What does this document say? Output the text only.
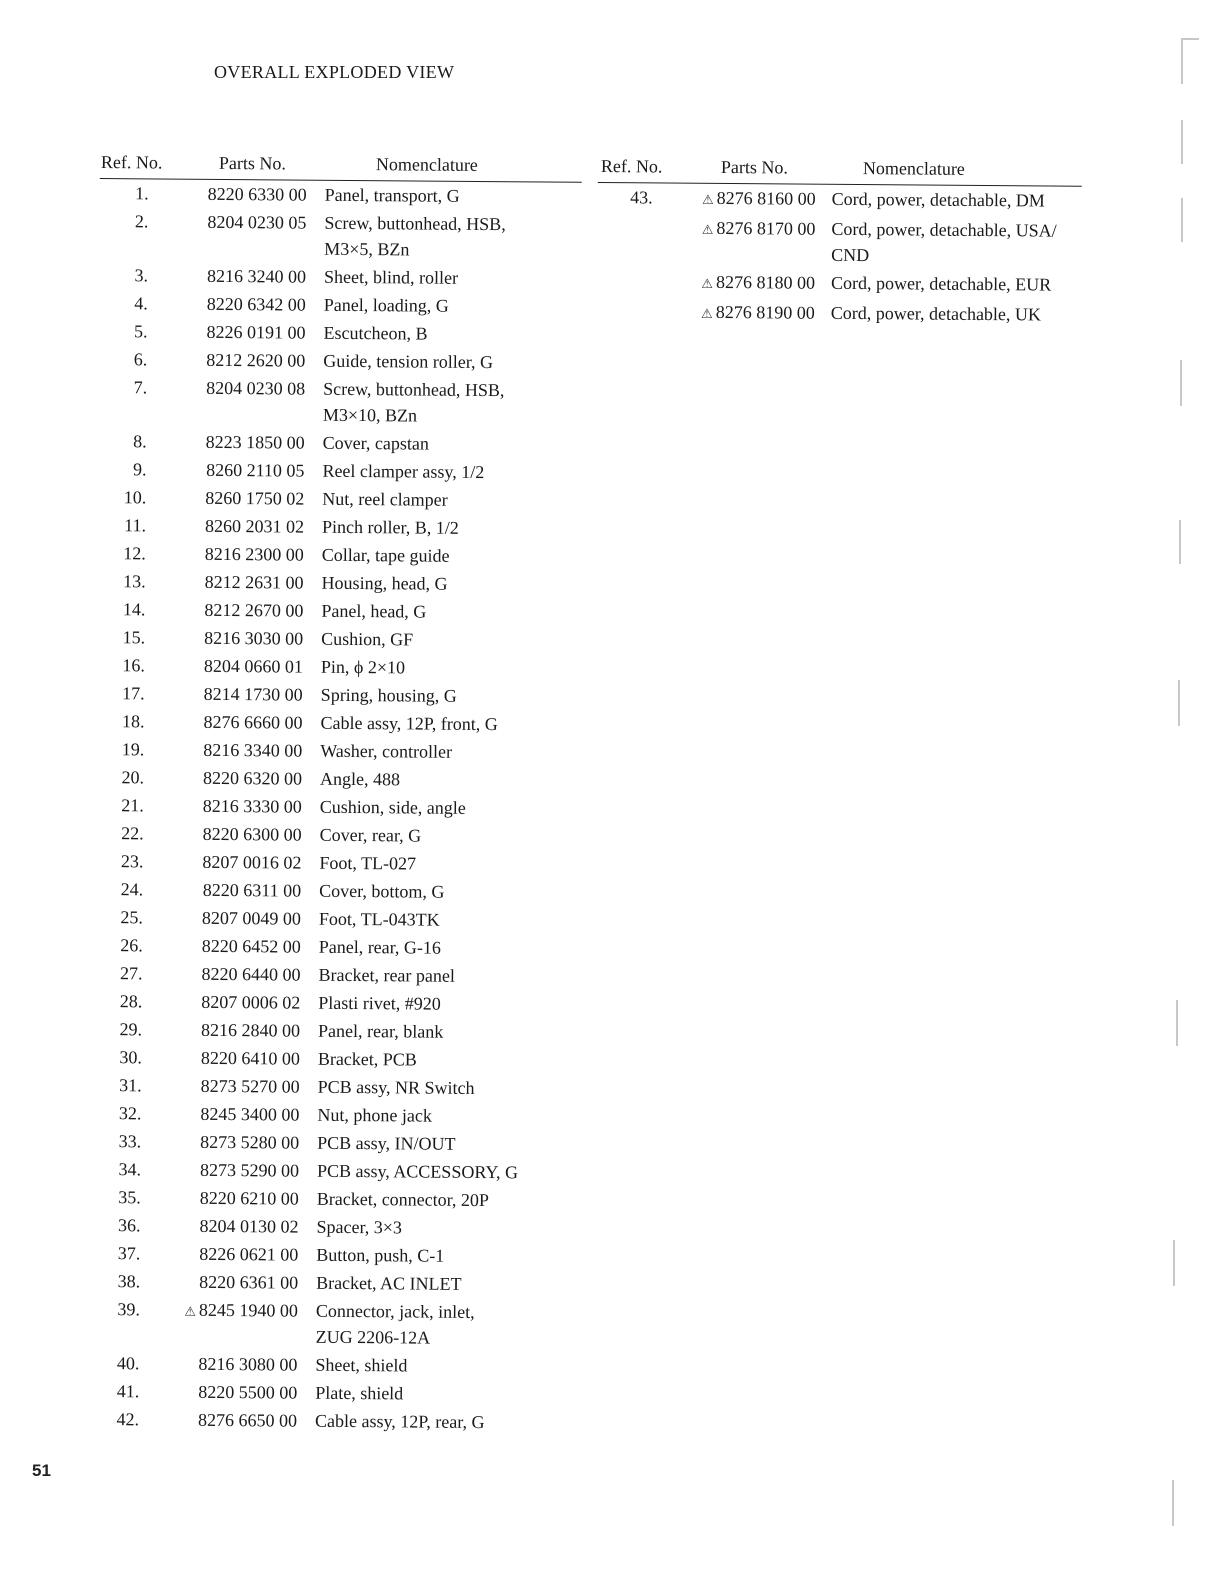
OVERALL EXPLODED VIEW
Ref. No.	Parts No.	Nomenclature
1.	8220 6330 00 Panel, transport, G
2.	8204 0230 05 Screw, buttonhead, HSB,
M3×5, BZn
3.	8216 3240 00 Sheet, blind, roller
4.	8220 6342 00 Panel, loading, G
5.	8226 0191 00 Escutcheon, B
6.	8212 2620 00 Guide, tension roller, G
7.	8204 0230 08 Screw, buttonhead, HSB,
M3×10, BZn
8.	8223 1850 00 Cover, capstan
9.	8260 2110 05 Reel clamper assy, 1/2
10.	8260 1750 02 Nut, reel clamper
11.	8260 2031 02 Pinch roller, B, 1/2
12.	8216 2300 00 Collar, tape guide
13.	8212 2631 00 Housing, head, G
14.	8212 2670 00 Panel, head, G
15.	8216 3030 00 Cushion, GF
16.	8204 0660 01 Pin, ϕ 2×10
17.	8214 1730 00 Spring, housing, G
18.	8276 6660 00 Cable assy, 12P, front, G
19.	8216 3340 00 Washer, controller
20.	8220 6320 00 Angle, 488
21.	8216 3330 00 Cushion, side, angle
22.	8220 6300 00 Cover, rear, G
23.	8207 0016 02 Foot, TL-027
24.	8220 6311 00 Cover, bottom, G
25.	8207 0049 00 Foot, TL-043TK
26.	8220 6452 00 Panel, rear, G-16
27.	8220 6440 00 Bracket, rear panel
28.	8207 0006 02 Plasti rivet, #920
29.	8216 2840 00 Panel, rear, blank
30.	8220 6410 00 Bracket, PCB
31.	8273 5270 00 PCB assy, NR Switch
32.	8245 3400 00 Nut, phone jack
33.	8273 5280 00 PCB assy, IN/OUT
34.	8273 5290 00 PCB assy, ACCESSORY, G
35.	8220 6210 00 Bracket, connector, 20P
36.	8204 0130 02 Spacer, 3×3
37.	8226 0621 00 Button, push, C-1
38.	8220 6361 00 Bracket, AC INLET
39.	⚠ 8245 1940 00 Connector, jack, inlet,
ZUG 2206-12A
40.	8216 3080 00 Sheet, shield
41.	8220 5500 00 Plate, shield
42.	8276 6650 00 Cable assy, 12P, rear, G
Ref. No.	Parts No.	Nomenclature
43.	⚠ 8276 8160 00 Cord, power, detachable, DM
⚠ 8276 8170 00 Cord, power, detachable, USA/
CND
⚠ 8276 8180 00 Cord, power, detachable, EUR
⚠ 8276 8190 00 Cord, power, detachable, UK
51
